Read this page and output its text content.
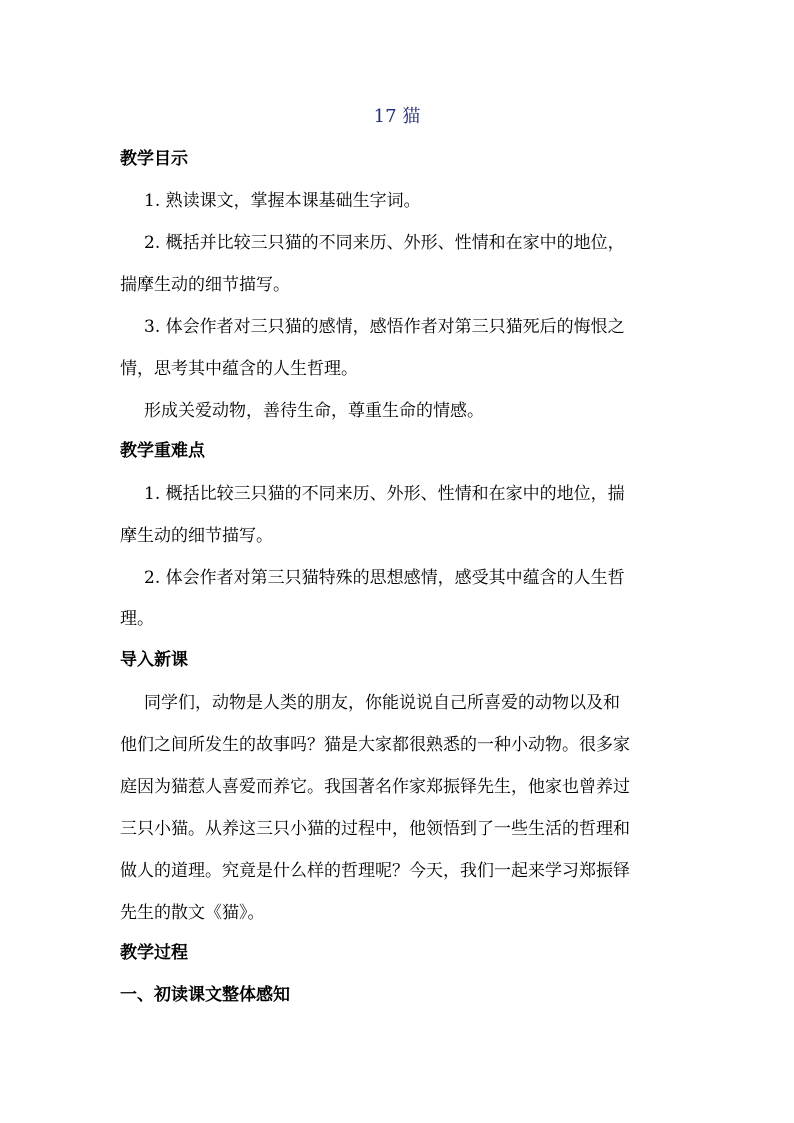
17 猫
教学目示
1. 熟读课文，掌握本课基础生字词。
2. 概括并比较三只猫的不同来历、外形、性情和在家中的地位，
揣摩生动的细节描写。
3. 体会作者对三只猫的感情，感悟作者对第三只猫死后的悔恨之
情，思考其中蕴含的人生哲理。
形成关爱动物，善待生命，尊重生命的情感。
教学重难点
1. 概括比较三只猫的不同来历、外形、性情和在家中的地位，揣
摩生动的细节描写。
2. 体会作者对第三只猫特殊的思想感情，感受其中蕴含的人生哲
理。
导入新课
同学们，动物是人类的朋友，你能说说自己所喜爱的动物以及和
他们之间所发生的故事吗？猫是大家都很熟悉的一种小动物。很多家
庭因为猫惹人喜爱而养它。我国著名作家郑振铎先生，他家也曾养过
三只小猫。从养这三只小猫的过程中，他领悟到了一些生活的哲理和
做人的道理。究竟是什么样的哲理呢？今天，我们一起来学习郑振铎
先生的散文《猫》。
教学过程
一、初读课文整体感知
